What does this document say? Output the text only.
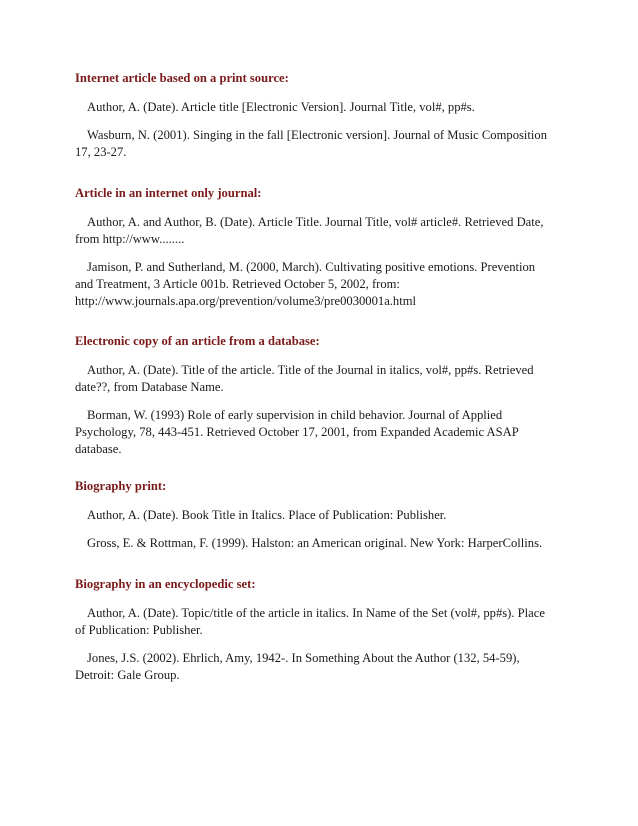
Internet article based on a print source:

Author, A. (Date). Article title [Electronic Version]. Journal Title, vol#, pp#s.

Wasburn, N. (2001). Singing in the fall [Electronic version]. Journal of Music Composition 17, 23-27.

Article in an internet only journal:

Author, A. and Author, B. (Date). Article Title. Journal Title, vol# article#. Retrieved Date, from http://www........

Jamison, P. and Sutherland, M. (2000, March). Cultivating positive emotions. Prevention and Treatment, 3 Article 001b. Retrieved October 5, 2002, from: http://www.journals.apa.org/prevention/volume3/pre0030001a.html

Electronic copy of an article from a database:

Author, A. (Date). Title of the article. Title of the Journal in italics, vol#, pp#s. Retrieved date??, from Database Name.

Borman, W. (1993) Role of early supervision in child behavior. Journal of Applied Psychology, 78, 443-451. Retrieved October 17, 2001, from Expanded Academic ASAP database.

Biography print:

Author, A. (Date). Book Title in Italics. Place of Publication: Publisher.

Gross, E. & Rottman, F. (1999). Halston: an American original. New York: HarperCollins.

Biography in an encyclopedic set:

Author, A. (Date). Topic/title of the article in italics. In Name of the Set (vol#, pp#s). Place of Publication: Publisher.

Jones, J.S. (2002). Ehrlich, Amy, 1942-. In Something About the Author (132, 54-59), Detroit: Gale Group.
